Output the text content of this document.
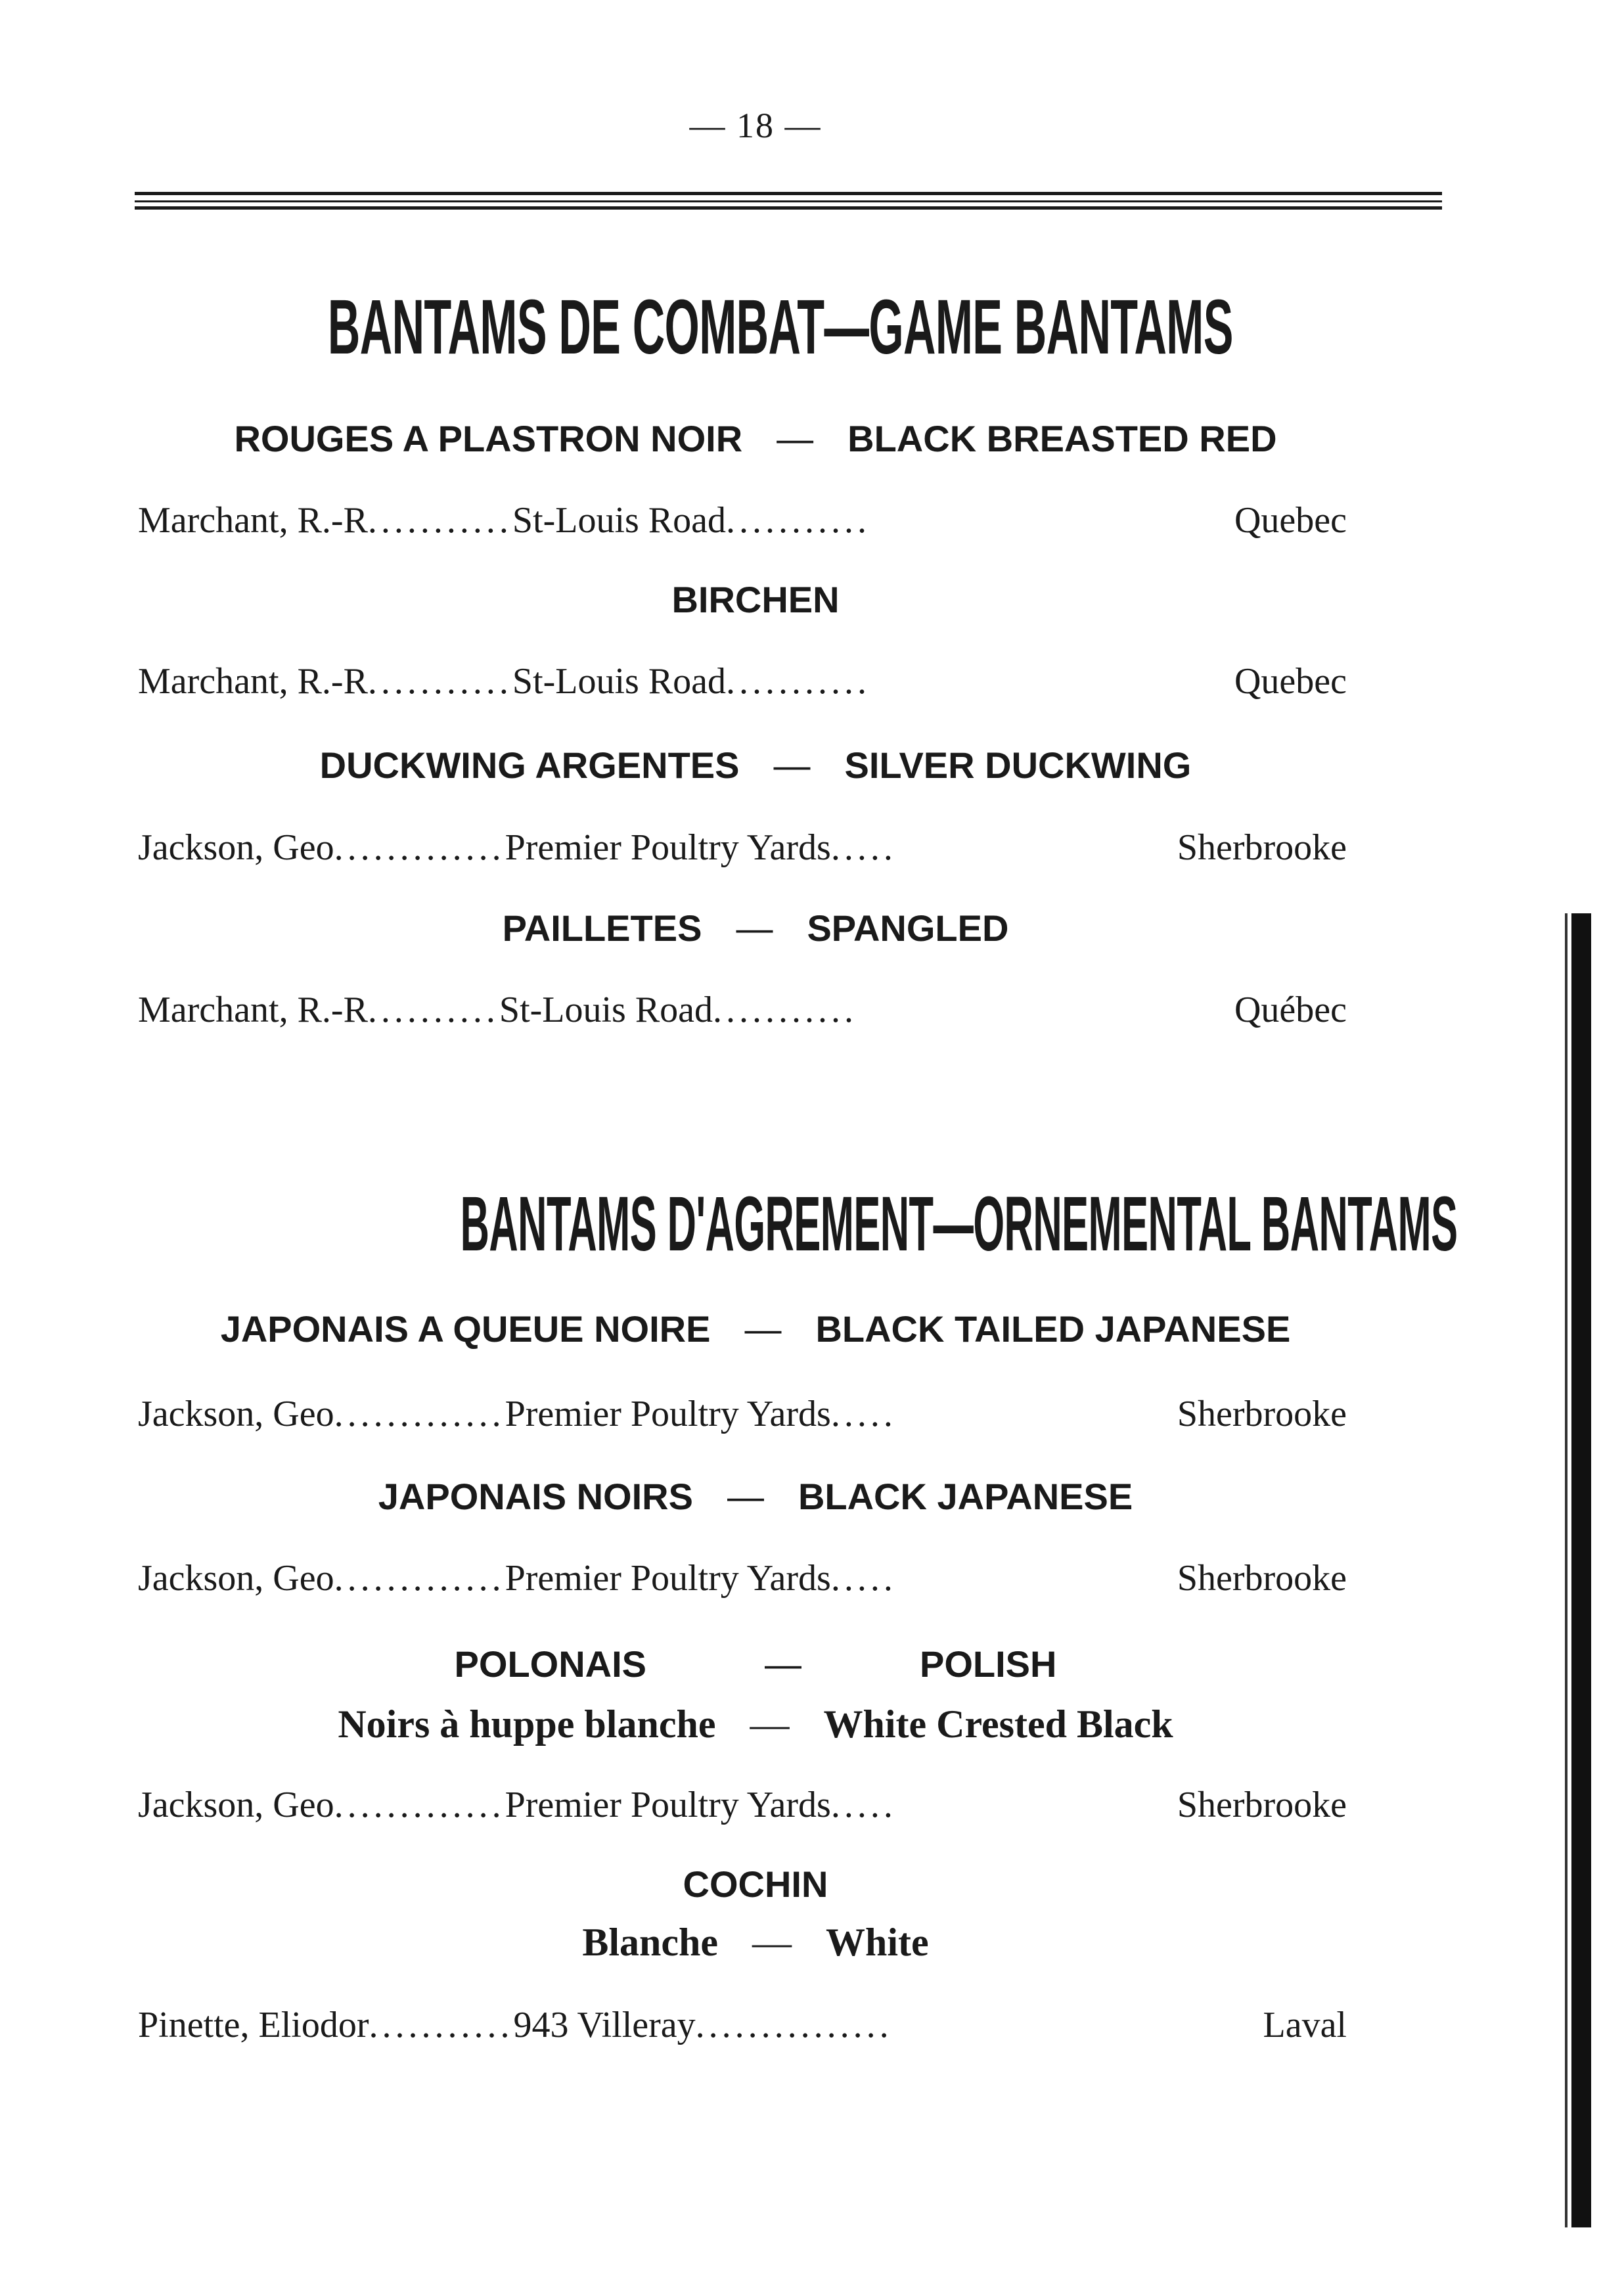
— 18 —
BANTAMS DE COMBAT—GAME BANTAMS
ROUGES A PLASTRON NOIR — BLACK BREASTED RED
Marchant, R.-R ........... St-Louis Road ...........	Quebec
BIRCHEN
Marchant, R.-R ........... St-Louis Road ...........	Quebec
DUCKWING ARGENTES — SILVER DUCKWING
Jackson, Geo ............. Premier Poultry Yards .....	Sherbrooke
PAILLETES — SPANGLED
Marchant, R.-R .......... St-Louis Road ...........	Québec
BANTAMS D'AGREMENT—ORNEMENTAL BANTAMS
JAPONAIS A QUEUE NOIRE — BLACK TAILED JAPANESE
Jackson, Geo ............. Premier Poultry Yards .....	Sherbrooke
JAPONAIS NOIRS — BLACK JAPANESE
Jackson, Geo ............. Premier Poultry Yards .....	Sherbrooke
POLONAIS	—	POLISH
Noirs à huppe blanche — White Crested Black
Jackson, Geo ............. Premier Poultry Yards .....	Sherbrooke
COCHIN
Blanche — White
Pinette, Eliodor ........... 943 Villeray ...............	Laval
